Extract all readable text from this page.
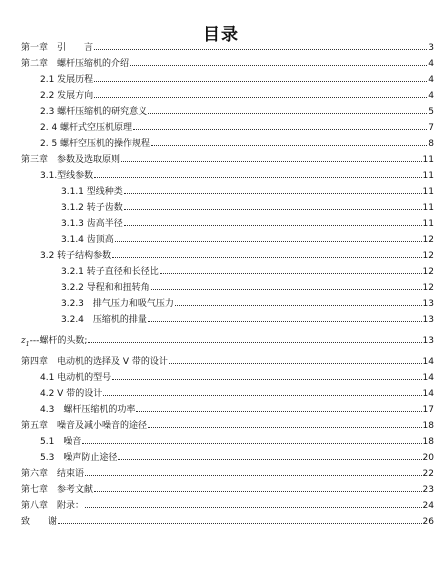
目录
第一章　引　　言	3
第二章　螺杆压缩机的介绍	4
2.1 发展历程	4
2.2 发展方向	4
2.3 螺杆压缩机的研究意义	5
2. 4 螺杆式空压机原理	7
2. 5 螺杆空压机的操作规程	8
第三章　参数及选取原则	11
3.1.型线参数	11
3.1.1 型线种类	11
3.1.2 转子齿数	11
3.1.3 齿高半径	11
3.1.4 齿顶高	12
3.2 转子结构参数	12
3.2.1 转子直径和长径比	12
3.2.2 导程和和扭转角	12
3.2.3　排气压力和吸气压力	13
3.2.4　压缩机的排量	13
$z_1$ ---螺杆的头数;	13
第四章　电动机的选择及 V 带的设计	14
4.1 电动机的型号	14
4.2 V 带的设计	14
4.3　螺杆压缩机的功率	17
第五章　噪音及减小噪音的途径	18
5.1　噪音	18
5.3　噪声防止途径	20
第六章　结束语	22
第七章　参考文献	23
第八章　附录：	24
致　　谢	26
